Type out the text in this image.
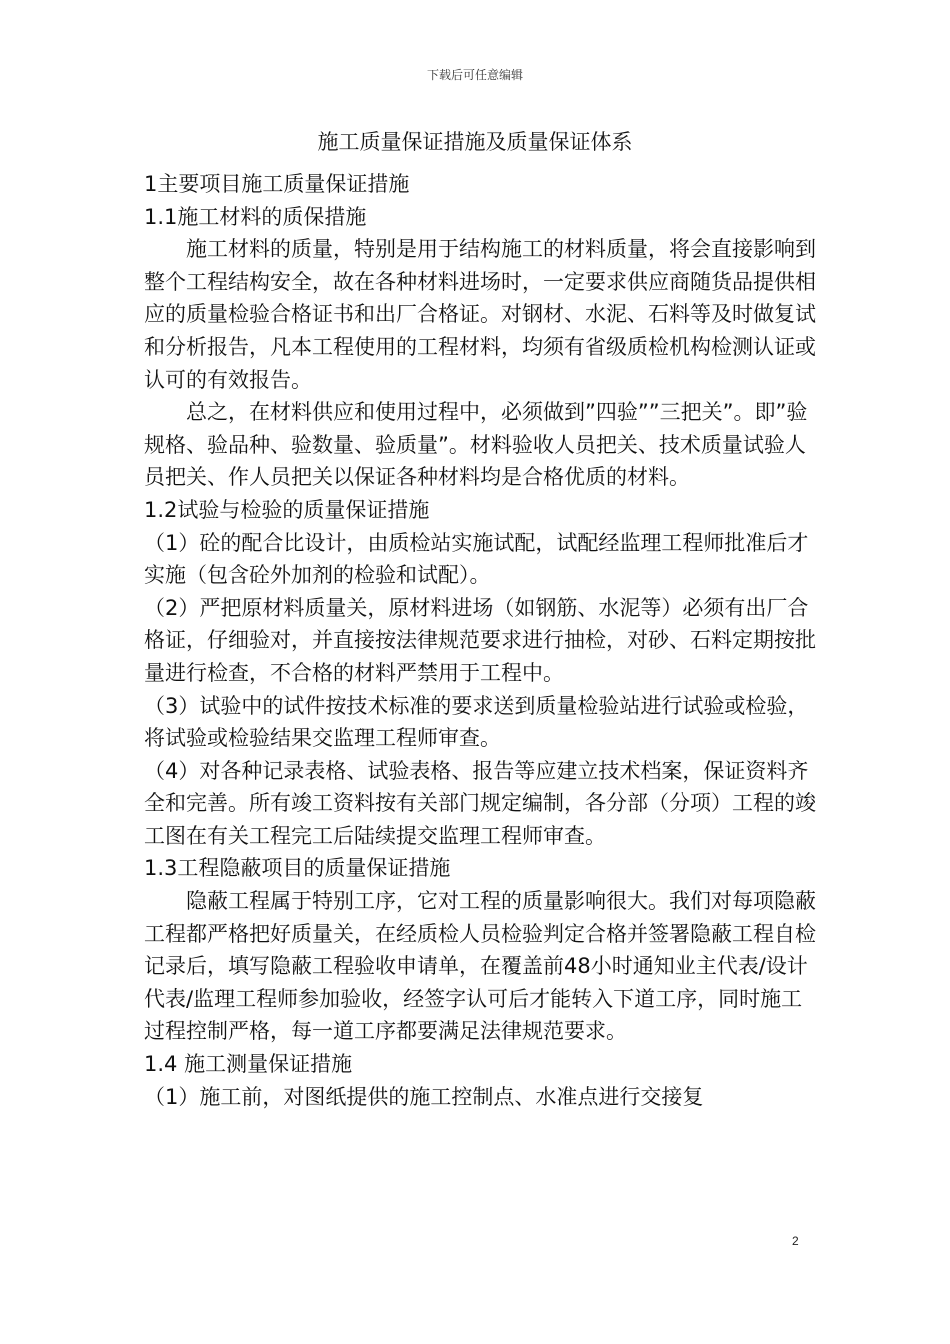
下载后可任意编辑
施工质量保证措施及质量保证体系

1主要项目施工质量保证措施

1.1施工材料的质保措施

施工材料的质量，特别是用于结构施工的材料质量，将会直接影响到整个工程结构安全，故在各种材料进场时，一定要求供应商随货品提供相应的质量检验合格证书和出厂合格证。对钢材、水泥、石料等及时做复试和分析报告，凡本工程使用的工程材料，均须有省级质检机构检测认证或认可的有效报告。

总之，在材料供应和使用过程中，必须做到”四验””三把关”。即”验规格、验品种、验数量、验质量”。材料验收人员把关、技术质量试验人员把关、作人员把关以保证各种材料均是合格优质的材料。

1.2试验与检验的质量保证措施

（1）砼的配合比设计，由质检站实施试配，试配经监理工程师批准后才实施（包含砼外加剂的检验和试配）。

（2）严把原材料质量关，原材料进场（如钢筋、水泥等）必须有出厂合格证，仔细验对，并直接按法律规范要求进行抽检，对砂、石料定期按批量进行检查，不合格的材料严禁用于工程中。

（3）试验中的试件按技术标准的要求送到质量检验站进行试验或检验，将试验或检验结果交监理工程师审查。

（4）对各种记录表格、试验表格、报告等应建立技术档案，保证资料齐全和完善。所有竣工资料按有关部门规定编制，各分部（分项）工程的竣工图在有关工程完工后陆续提交监理工程师审查。

1.3工程隐蔽项目的质量保证措施

隐蔽工程属于特别工序，它对工程的质量影响很大。我们对每项隐蔽工程都严格把好质量关，在经质检人员检验判定合格并签署隐蔽工程自检记录后，填写隐蔽工程验收申请单，在覆盖前48小时通知业主代表/设计代表/监理工程师参加验收，经签字认可后才能转入下道工序，同时施工过程控制严格，每一道工序都要满足法律规范要求。

1.4 施工测量保证措施

（1）施工前，对图纸提供的施工控制点、水准点进行交接复

2
